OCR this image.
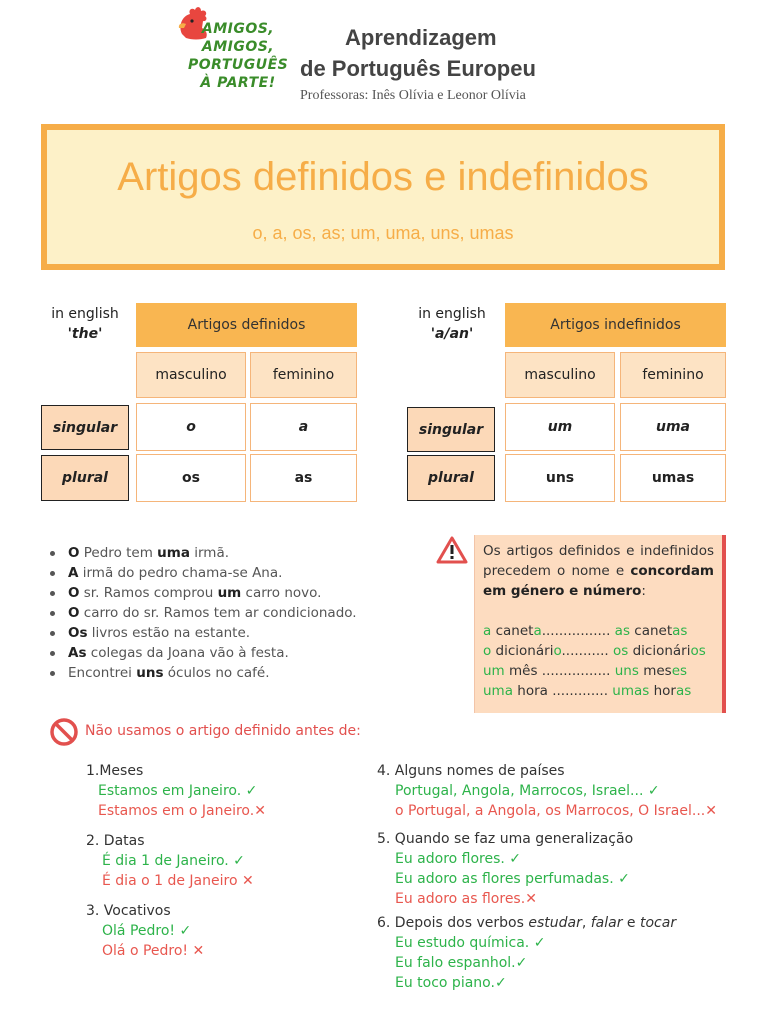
AMIGOS,
AMIGOS,
PORTUGUÊS
À PARTE!
Aprendizagem
de Português Europeu
Professoras: Inês Olívia e Leonor Olívia
Artigos definidos e indefinidos
o, a, os, as; um, uma, uns, umas
in english
'the'
Artigos definidos
masculino	feminino
singular	o	a
plural	os	as
in english
'a/an'
Artigos indefinidos
masculino	feminino
singular	um	uma
plural	uns	umas
O Pedro tem uma irmã.
A irmã do pedro chama-se Ana.
O sr. Ramos comprou um carro novo.
O carro do sr. Ramos tem ar condicionado.
Os livros estão na estante.
As colegas da Joana vão à festa.
Encontrei uns óculos no café.
Os artigos definidos e indefinidos precedem o nome e concordam em género e número:
a caneta................ as canetas
o dicionário........... os dicionários
um mês ................ uns meses
uma hora ............. umas horas
Não usamos o artigo definido antes de:
1.Meses
Estamos em Janeiro. ✓
Estamos em o Janeiro.✕
2. Datas
É dia 1 de Janeiro. ✓
É dia o 1 de Janeiro ✕
3. Vocativos
Olá Pedro! ✓
Olá o Pedro! ✕
4. Alguns nomes de países
Portugal, Angola, Marrocos, Israel... ✓
o Portugal, a Angola, os Marrocos, O Israel...✕
5. Quando se faz uma generalização
Eu adoro flores. ✓
Eu adoro as flores perfumadas. ✓
Eu adoro as flores.✕
6. Depois dos verbos estudar, falar e tocar
Eu estudo química. ✓
Eu falo espanhol.✓
Eu toco piano.✓
